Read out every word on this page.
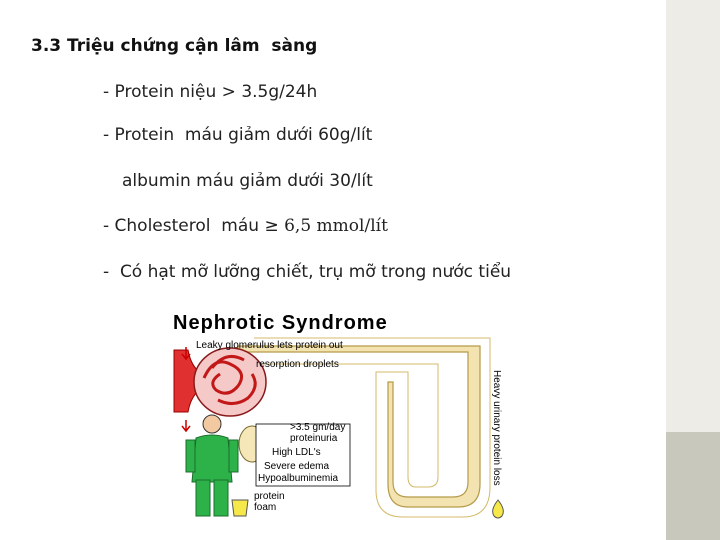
3.3 Triệu chứng cận lâm  sàng
- Protein niệu > 3.5g/24h
- Protein  máu giảm dưới 60g/lít
albumin máu giảm dưới 30/lít
- Cholesterol  máu ≥ 6,5 mmol/lít
-  Có hạt mỡ lưỡng chiết, trụ mỡ trong nước tiểu
Nephrotic Syndrome
Leaky glomerulus lets protein out
resorption droplets
>3.5 gm/day
proteinuria
High LDL's
Severe edema
Hypoalbuminemia
protein
foam
Heavy urinary protein loss
